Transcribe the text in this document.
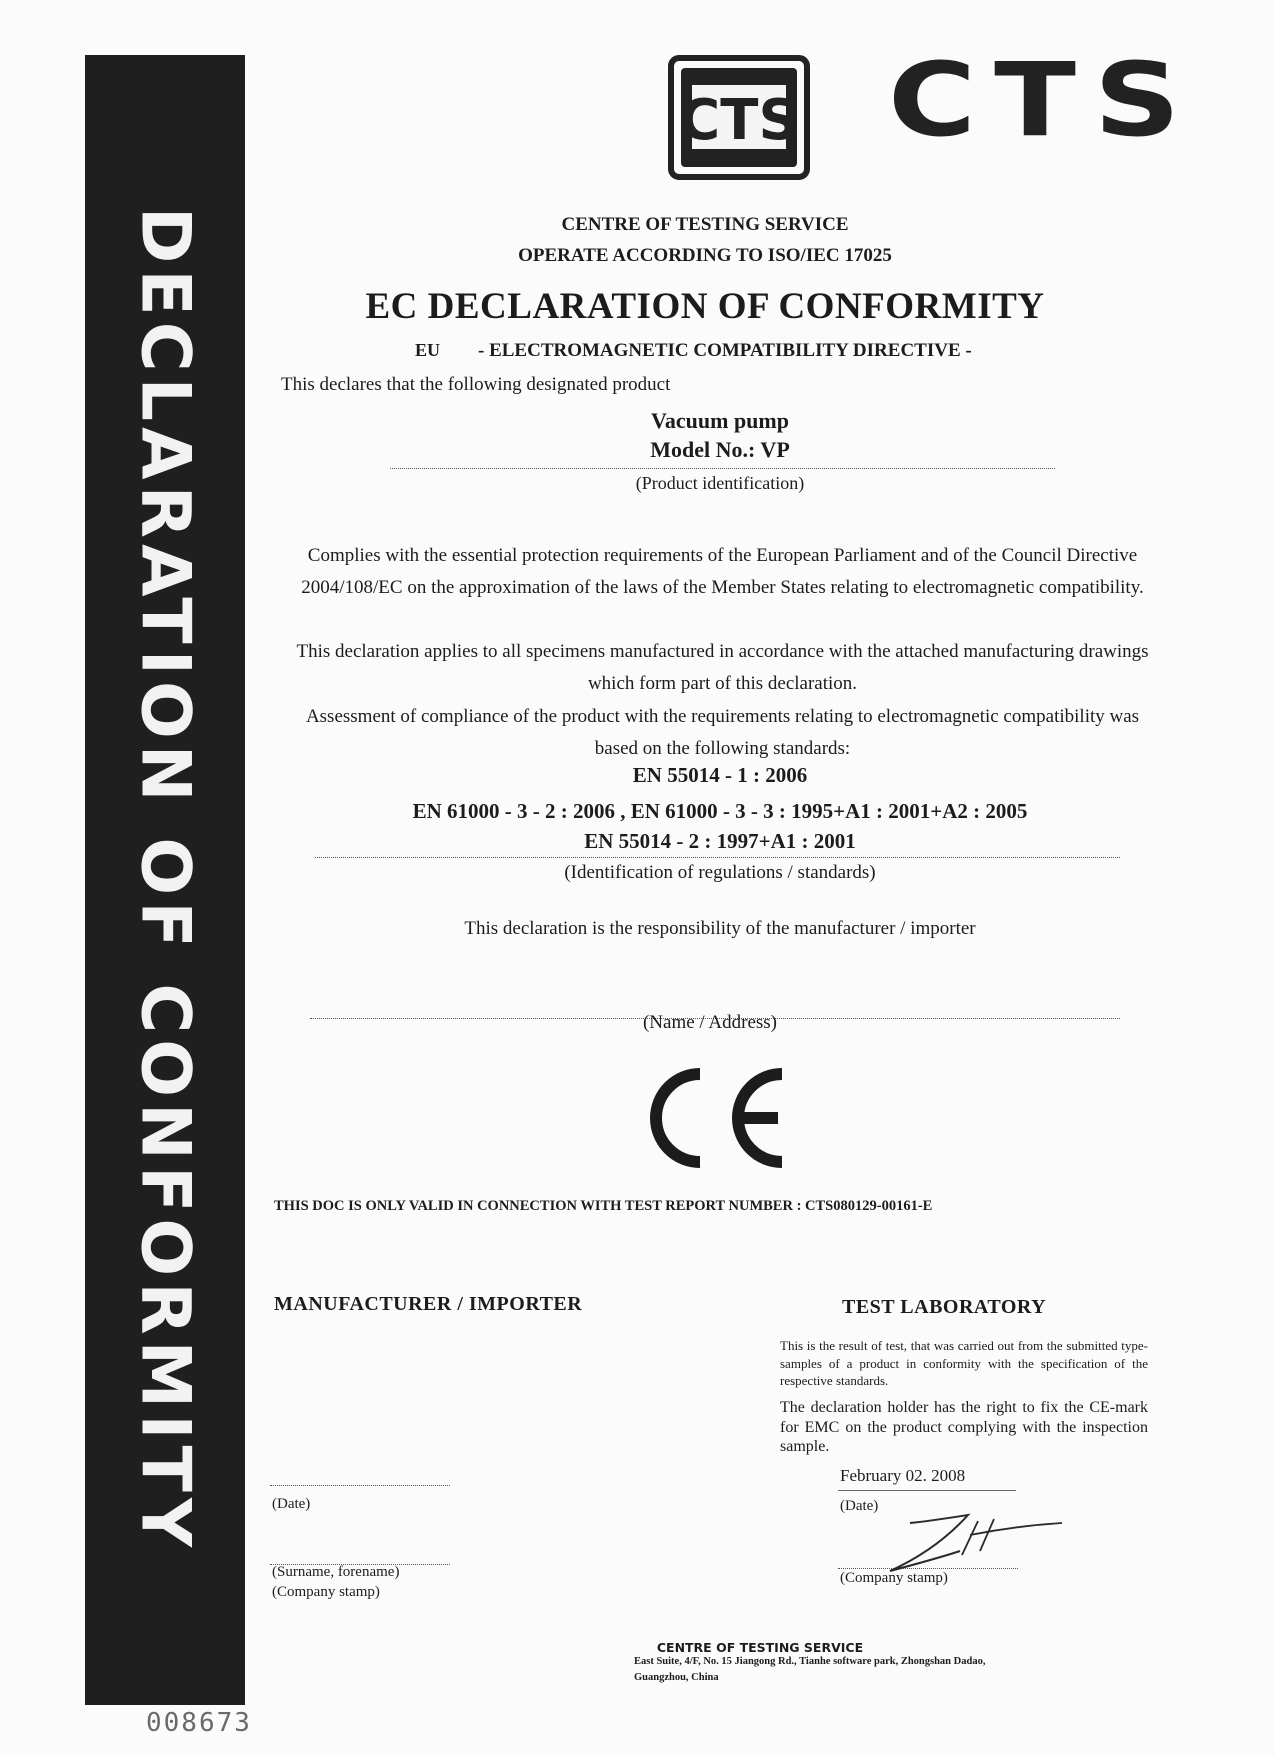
DECLARATION OF CONFORMITY
CTS CTS
CENTRE OF TESTING SERVICE
OPERATE ACCORDING TO ISO/IEC 17025
EC DECLARATION OF CONFORMITY
EU - ELECTROMAGNETIC COMPATIBILITY DIRECTIVE -
This declares that the following designated product
Vacuum pump
Model No.: VP
(Product identification)
Complies with the essential protection requirements of the European Parliament and of the Council Directive 2004/108/EC on the approximation of the laws of the Member States relating to electromagnetic compatibility.
This declaration applies to all specimens manufactured in accordance with the attached manufacturing drawings which form part of this declaration.
Assessment of compliance of the product with the requirements relating to electromagnetic compatibility was based on the following standards:
EN 55014 - 1 : 2006
EN 61000 - 3 - 2 : 2006 , EN 61000 - 3 - 3 : 1995+A1 : 2001+A2 : 2005
EN 55014 - 2 : 1997+A1 : 2001
(Identification of regulations / standards)
This declaration is the responsibility of the manufacturer / importer
(Name / Address)
THIS DOC IS ONLY VALID IN CONNECTION WITH TEST REPORT NUMBER : CTS080129-00161-E
MANUFACTURER / IMPORTER
(Date)
(Surname, forename)
(Company stamp)
TEST LABORATORY
This is the result of test, that was carried out from the submitted type-samples of a product in conformity with the specification of the respective standards.
The declaration holder has the right to fix the CE-mark for EMC on the product complying with the inspection sample.
February 02. 2008
(Date)
(Company stamp)
CENTRE OF TESTING SERVICE
East Suite, 4/F, No. 15 Jiangong Rd., Tianhe software park, Zhongshan Dadao,
Guangzhou, China
008673
